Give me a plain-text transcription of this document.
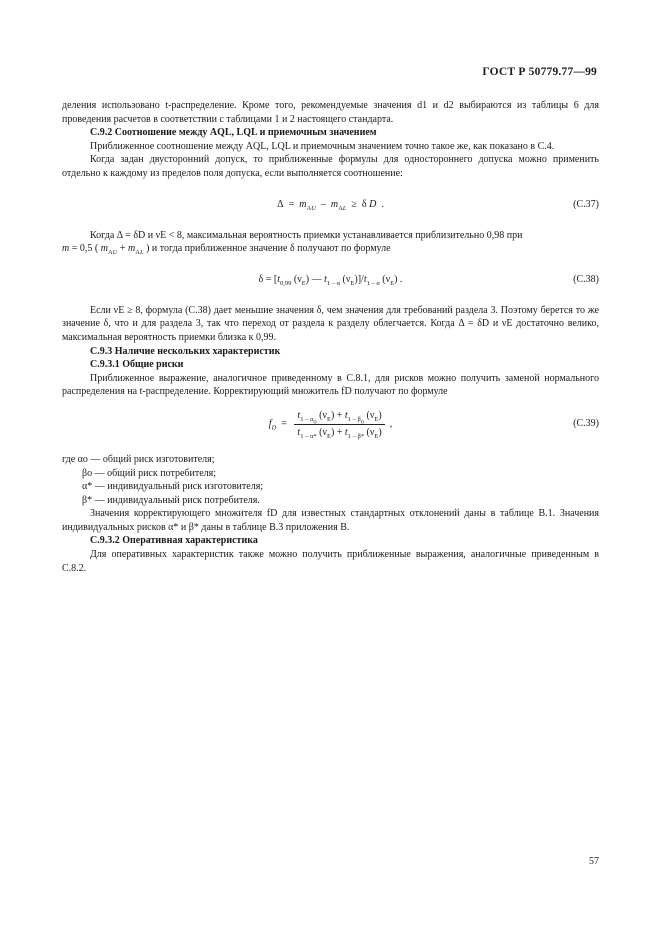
ГОСТ Р 50779.77—99

деления использовано t-распределение. Кроме того, рекомендуемые значения d1 и d2 выбираются из таблицы 6 для проведения расчетов в соответствии с таблицами 1 и 2 настоящего стандарта.

С.9.2 Соотношение между AQL, LQL и приемочным значением

Приближенное соотношение между AQL, LQL и приемочным значением точно такое же, как показано в С.4.

Когда задан двусторонний допуск, то приближенные формулы для одностороннего допуска можно применить отдельно к каждому из пределов поля допуска, если выполняется соотношение:

$\Delta = m_{AU} - m_{AL} \ge \delta$ D  .	(С.37)

Когда Δ = δD и νE < 8, максимальная вероятность приемки устанавливается приблизительно 0,98 при

m = 0,5 ( $m_{AU} + m_{AL}$ ) и тогда приближенное значение δ получают по формуле

$\delta = [t_{0,99}$ $(\nu_E)$ — $t_{1 - \alpha}$ $(\nu_E)]/t_{1 - \alpha}$ $(\nu_E)$ .	(С.38)

Если νE ≥ 8, формула (С.38) дает меньшие значения δ, чем значения для требований раздела 3. Поэтому берется то же значение δ, что и для раздела 3, так что переход от раздела к разделу облегчается. Когда Δ = δD и νE достаточно велико, максимальная вероятность приемки близка к 0,99.

С.9.3 Наличие нескольких характеристик
С.9.3.1 Общие риски

Приближенное выражение, аналогичное приведенному в С.8.1, для рисков можно получить заменой нормального распределения на t-распределение. Корректирующий множитель fD получают по формуле

$f_D = \frac{t_{1 - \alpha_o} (\nu_E) + t_{1 - \beta_o} (\nu_E)}{t_{1 - \alpha*} (\nu_E) + t_{1 - \beta*} (\nu_E)}$ ,	(С.39)
где αo — общий риск изготовителя;
βo — общий риск потребителя;
α* — индивидуальный риск изготовителя;
β* — индивидуальный риск потребителя.

Значения корректирующего множителя fD для известных стандартных отклонений даны в таблице В.1. Значения индивидуальных рисков α* и β* даны в таблице В.3 приложения В.

С.9.3.2 Оперативная характеристика

Для оперативных характеристик также можно получить приближенные выражения, аналогичные приведенным в С.8.2.

57
